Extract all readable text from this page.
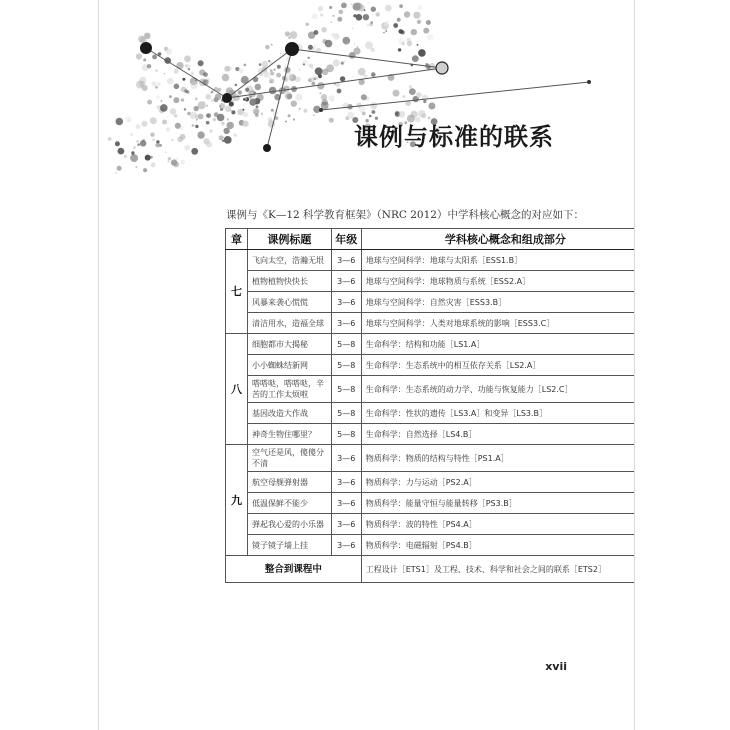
课例与标准的联系
课例与《K—12 科学教育框架》（NRC 2012）中学科核心概念的对应如下：
章	课例标题	年级	学科核心概念和组成部分
七	飞向太空，浩瀚无垠	3—6	地球与空间科学：地球与太阳系［ESS1.B］
	植物植物快快长	3—6	地球与空间科学：地球物质与系统［ESS2.A］
	风暴来袭心慌慌	3—6	地球与空间科学：自然灾害［ESS3.B］
	清洁用水，造福全球	3—6	地球与空间科学：人类对地球系统的影响［ESS3.C］
八	细胞都市大揭秘	5—8	生命科学：结构和功能［LS1.A］
	小小蜘蛛结新网	5—8	生命科学：生态系统中的相互依存关系［LS2.A］
	嗒嗒哒，嗒嗒哒，辛苦的工作太烦啦	5—8	生命科学：生态系统的动力学、功能与恢复能力［LS2.C］
	基因改造大作战	5—8	生命科学：性状的遗传［LS3.A］和变异［LS3.B］
	神奇生物住哪里？	5—8	生命科学：自然选择［LS4.B］
九	空气还是风，傻傻分不清	3—6	物质科学：物质的结构与特性［PS1.A］
	航空母舰弹射器	3—6	物质科学：力与运动［PS2.A］
	低温保鲜不能少	3—6	物质科学：能量守恒与能量转移［PS3.B］
	弹起我心爱的小乐器	3—6	物质科学：波的特性［PS4.A］
	镜子镜子墙上挂	3—6	物质科学：电磁辐射［PS4.B］
整合到课程中			工程设计［ETS1］及工程、技术、科学和社会之间的联系［ETS2］
xvii
